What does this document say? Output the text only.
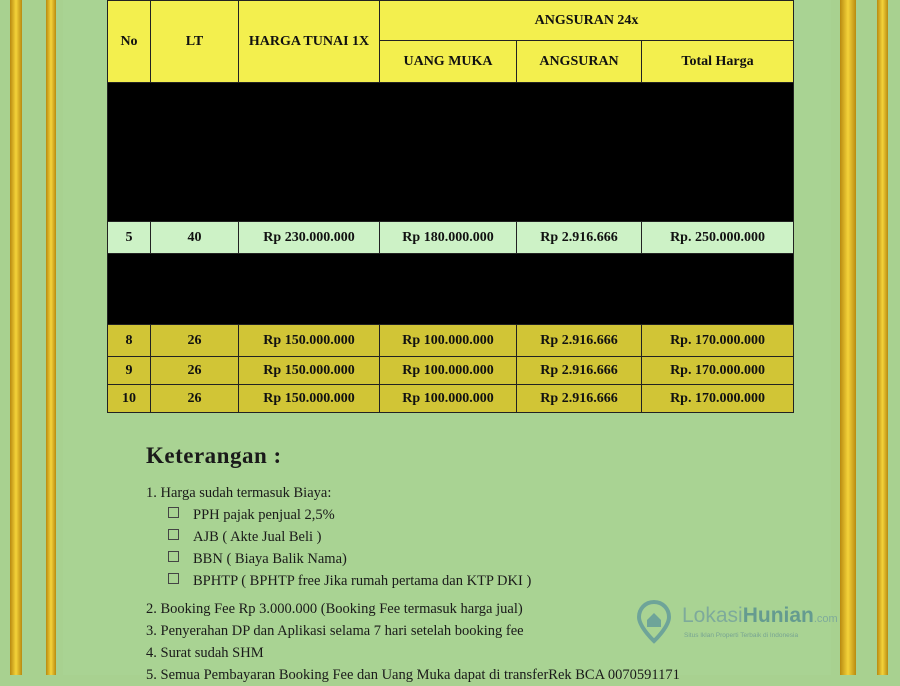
No	LT	HARGA TUNAI 1X	ANGSURAN 24x		
			UANG MUKA	ANGSURAN	Total Harga

5	40	Rp 230.000.000	Rp 180.000.000	Rp 2.916.666	Rp. 250.000.000

8	26	Rp 150.000.000	Rp 100.000.000	Rp 2.916.666	Rp. 170.000.000
9	26	Rp 150.000.000	Rp 100.000.000	Rp 2.916.666	Rp. 170.000.000
10	26	Rp 150.000.000	Rp 100.000.000	Rp 2.916.666	Rp. 170.000.000
Keterangan :
1. Harga sudah termasuk Biaya:
PPH pajak penjual 2,5%
AJB ( Akte Jual Beli )
BBN ( Biaya Balik Nama)
BPHTP ( BPHTP free Jika rumah pertama dan KTP DKI )
2. Booking Fee Rp 3.000.000 (Booking Fee termasuk harga jual)
3. Penyerahan DP dan Aplikasi selama 7 hari setelah booking fee
4. Surat sudah SHM
5. Semua Pembayaran Booking Fee dan Uang Muka dapat di transferRek BCA 0070591171
LokasiHunian.com
Situs Iklan Properti Terbaik di Indonesia
